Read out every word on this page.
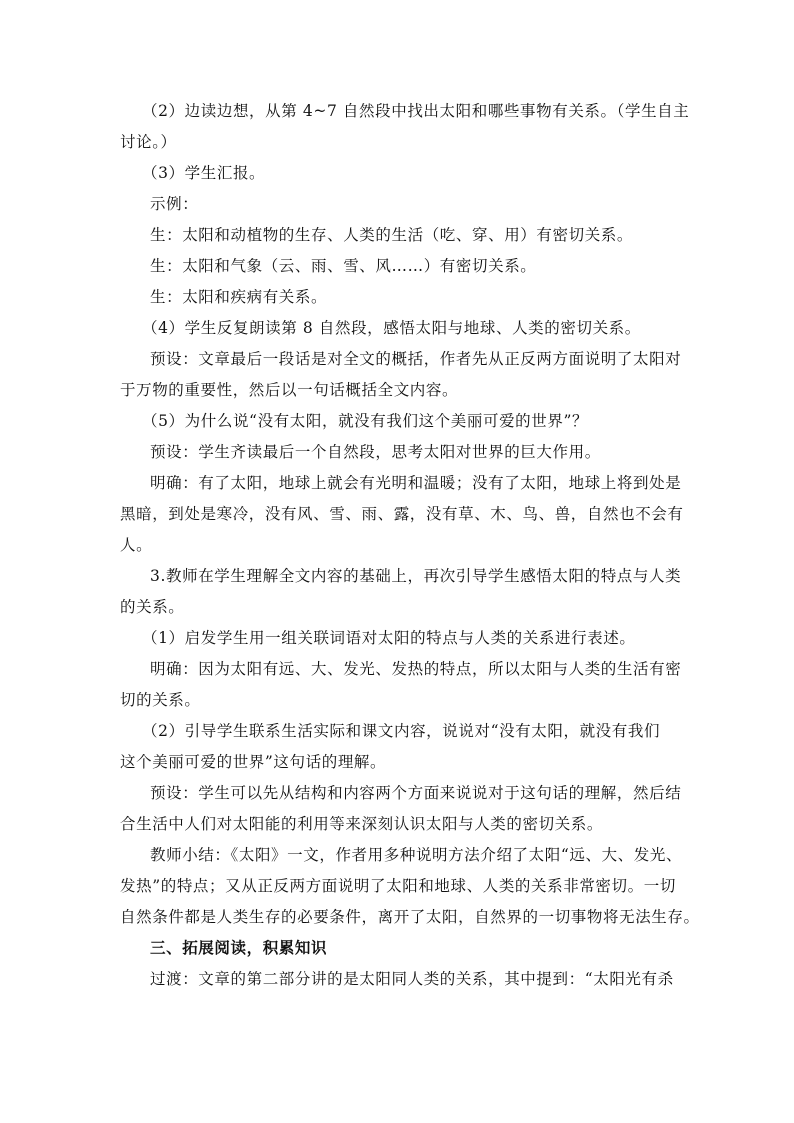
（2）边读边想，从第 4~7 自然段中找出太阳和哪些事物有关系。（学生自主
讨论。）
（3）学生汇报。
示例：
生：太阳和动植物的生存、人类的生活（吃、穿、用）有密切关系。
生：太阳和气象（云、雨、雪、风……）有密切关系。
生：太阳和疾病有关系。
（4）学生反复朗读第 8 自然段，感悟太阳与地球、人类的密切关系。
预设：文章最后一段话是对全文的概括，作者先从正反两方面说明了太阳对
于万物的重要性，然后以一句话概括全文内容。
（5）为什么说“没有太阳，就没有我们这个美丽可爱的世界”？
预设：学生齐读最后一个自然段，思考太阳对世界的巨大作用。
明确：有了太阳，地球上就会有光明和温暖；没有了太阳，地球上将到处是
黑暗，到处是寒冷，没有风、雪、雨、露，没有草、木、鸟、兽，自然也不会有
人。
3.教师在学生理解全文内容的基础上，再次引导学生感悟太阳的特点与人类
的关系。
（1）启发学生用一组关联词语对太阳的特点与人类的关系进行表述。
明确：因为太阳有远、大、发光、发热的特点，所以太阳与人类的生活有密
切的关系。
（2）引导学生联系生活实际和课文内容，说说对“没有太阳，就没有我们
这个美丽可爱的世界”这句话的理解。
预设：学生可以先从结构和内容两个方面来说说对于这句话的理解，然后结
合生活中人们对太阳能的利用等来深刻认识太阳与人类的密切关系。
教师小结：《太阳》一文，作者用多种说明方法介绍了太阳“远、大、发光、
发热”的特点；又从正反两方面说明了太阳和地球、人类的关系非常密切。一切
自然条件都是人类生存的必要条件，离开了太阳，自然界的一切事物将无法生存。
三、拓展阅读，积累知识
过渡：文章的第二部分讲的是太阳同人类的关系，其中提到：“太阳光有杀
